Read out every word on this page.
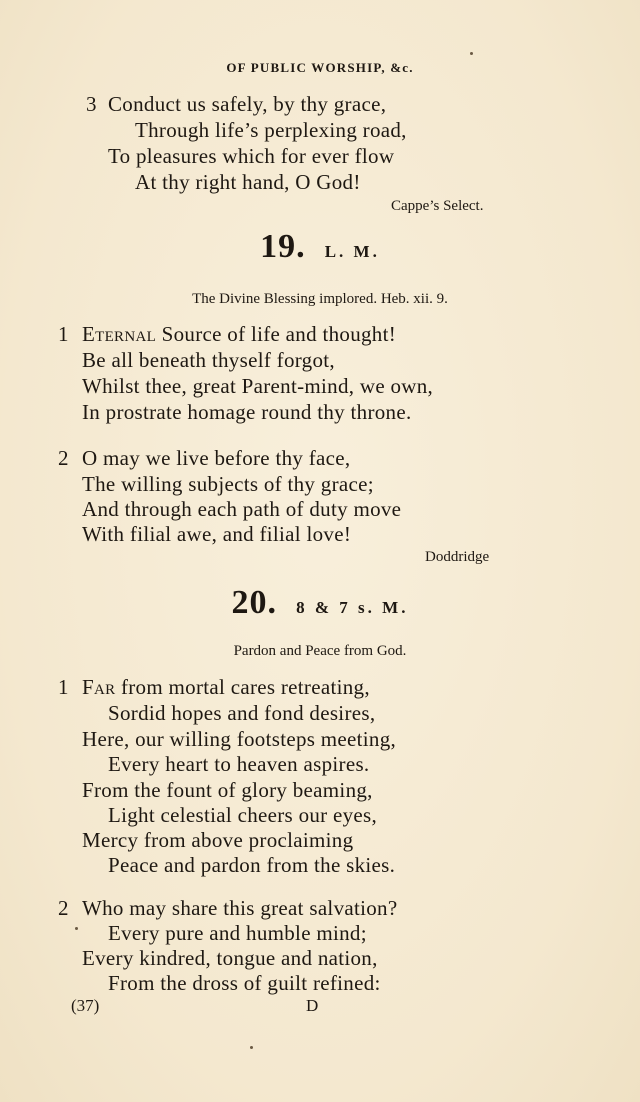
OF PUBLIC WORSHIP, &c.
3 Conduct us safely, by thy grace,
Through life’s perplexing road,
To pleasures which for ever flow
At thy right hand, O God!
Cappe’s Select.
19. L. M.
The Divine Blessing implored. Heb. xii. 9.
1 Eternal Source of life and thought!
Be all beneath thyself forgot,
Whilst thee, great Parent-mind, we own,
In prostrate homage round thy throne.
2 O may we live before thy face,
The willing subjects of thy grace;
And through each path of duty move
With filial awe, and filial love!
Doddridge
20. 8 & 7 s. M.
Pardon and Peace from God.
1 Far from mortal cares retreating,
Sordid hopes and fond desires,
Here, our willing footsteps meeting,
Every heart to heaven aspires.
From the fount of glory beaming,
Light celestial cheers our eyes,
Mercy from above proclaiming
Peace and pardon from the skies.
2 Who may share this great salvation?
Every pure and humble mind;
Every kindred, tongue and nation,
From the dross of guilt refined:
(37)	D
